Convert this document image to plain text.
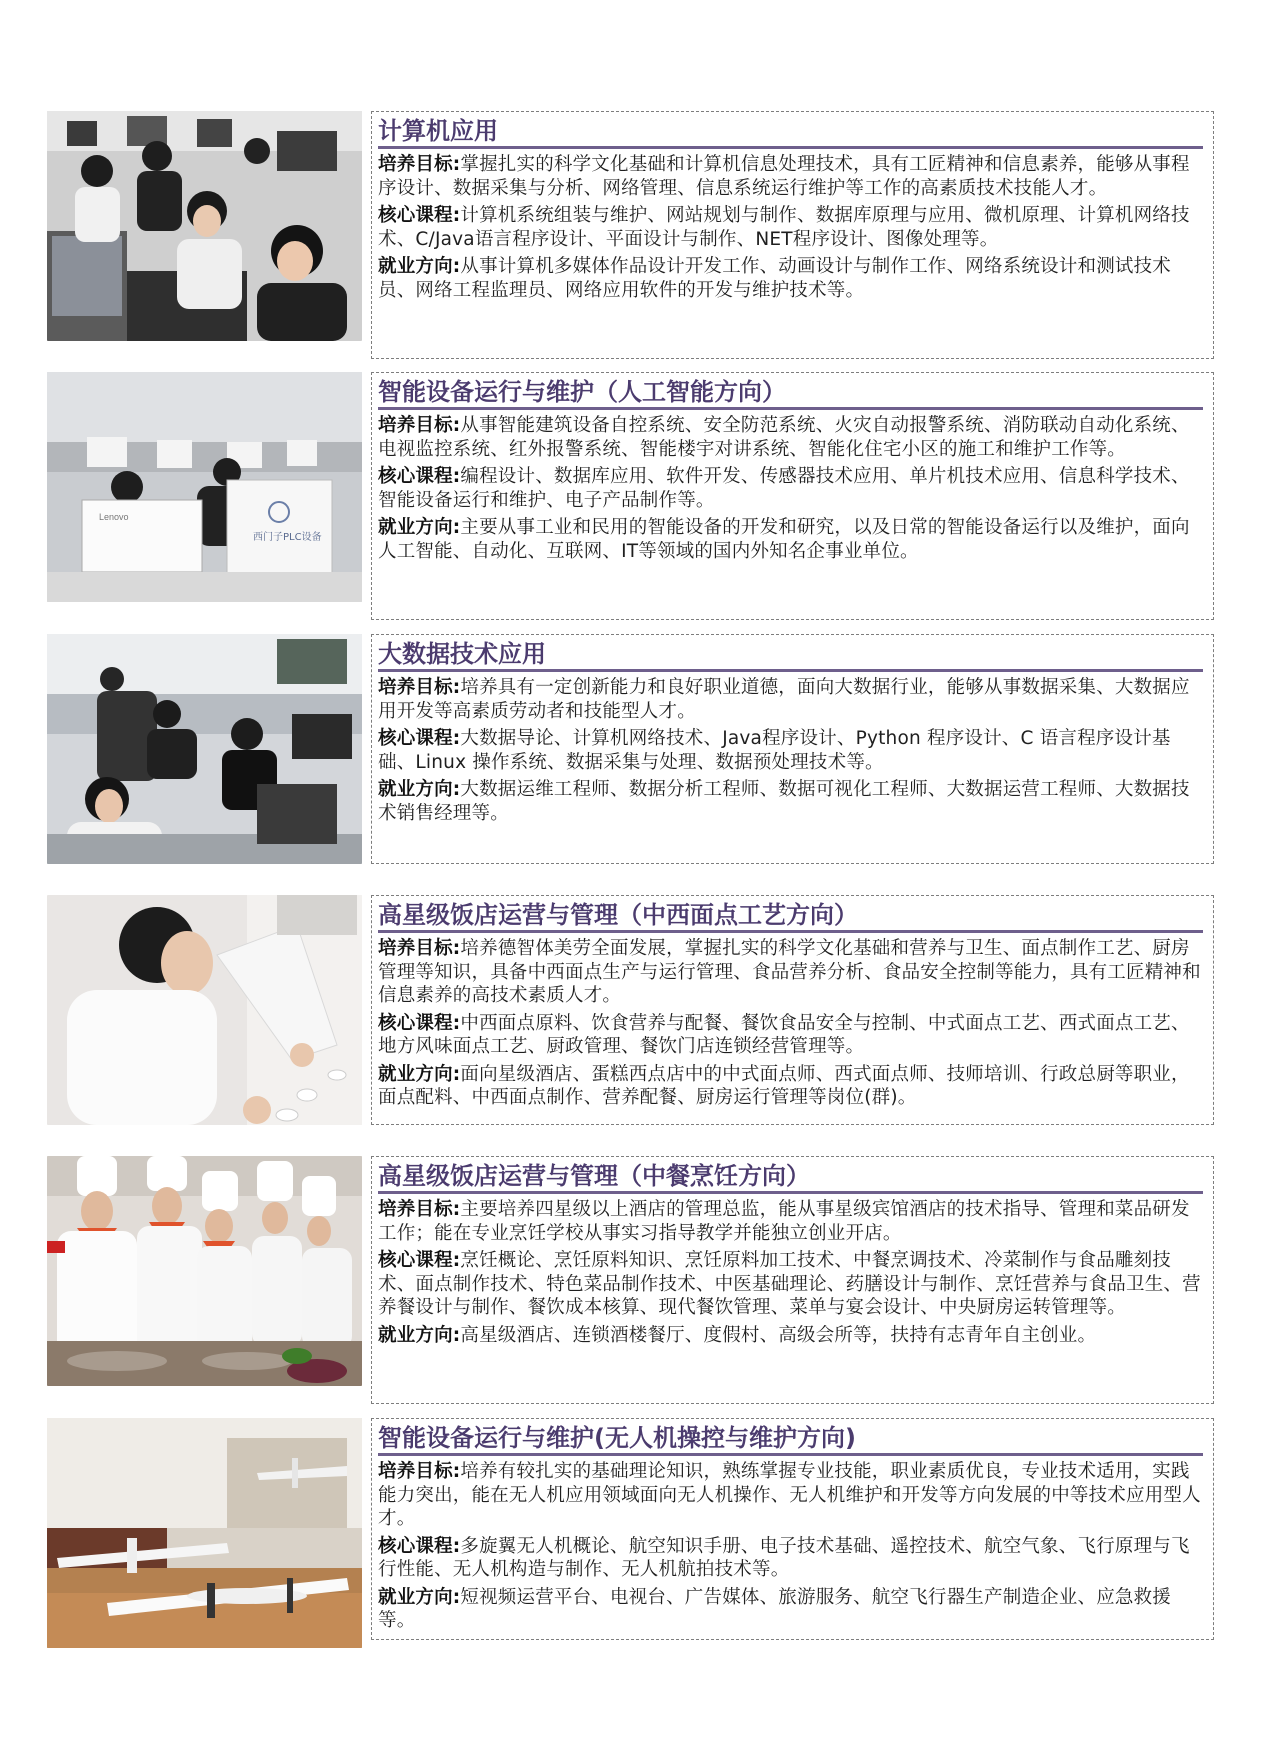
计算机应用

培养目标:掌握扎实的科学文化基础和计算机信息处理技术，具有工匠精神和信息素养，能够从事程序设计、数据采集与分析、网络管理、信息系统运行维护等工作的高素质技术技能人才。

核心课程:计算机系统组装与维护、网站规划与制作、数据库原理与应用、微机原理、计算机网络技术、C/Java语言程序设计、平面设计与制作、NET程序设计、图像处理等。

就业方向:从事计算机多媒体作品设计开发工作、动画设计与制作工作、网络系统设计和测试技术员、网络工程监理员、网络应用软件的开发与维护技术等。

Lenovo
西门子PLC设备
智能设备运行与维护（人工智能方向）

培养目标:从事智能建筑设备自控系统、安全防范系统、火灾自动报警系统、消防联动自动化系统、电视监控系统、红外报警系统、智能楼宇对讲系统、智能化住宅小区的施工和维护工作等。

核心课程:编程设计、数据库应用、软件开发、传感器技术应用、单片机技术应用、信息科学技术、智能设备运行和维护、电子产品制作等。

就业方向:主要从事工业和民用的智能设备的开发和研究，以及日常的智能设备运行以及维护，面向人工智能、自动化、互联网、IT等领域的国内外知名企事业单位。

大数据技术应用

培养目标:培养具有一定创新能力和良好职业道德，面向大数据行业，能够从事数据采集、大数据应用开发等高素质劳动者和技能型人才。

核心课程:大数据导论、计算机网络技术、Java程序设计、Python 程序设计、C 语言程序设计基础、Linux 操作系统、数据采集与处理、数据预处理技术等。

就业方向:大数据运维工程师、数据分析工程师、数据可视化工程师、大数据运营工程师、大数据技术销售经理等。

高星级饭店运营与管理（中西面点工艺方向）

培养目标:培养德智体美劳全面发展，掌握扎实的科学文化基础和营养与卫生、面点制作工艺、厨房管理等知识，具备中西面点生产与运行管理、食品营养分析、食品安全控制等能力，具有工匠精神和信息素养的高技术素质人才。

核心课程:中西面点原料、饮食营养与配餐、餐饮食品安全与控制、中式面点工艺、西式面点工艺、地方风味面点工艺、厨政管理、餐饮门店连锁经营管理等。

就业方向:面向星级酒店、蛋糕西点店中的中式面点师、西式面点师、技师培训、行政总厨等职业，面点配料、中西面点制作、营养配餐、厨房运行管理等岗位(群)。

高星级饭店运营与管理（中餐烹饪方向）

培养目标:主要培养四星级以上酒店的管理总监，能从事星级宾馆酒店的技术指导、管理和菜品研发工作；能在专业烹饪学校从事实习指导教学并能独立创业开店。

核心课程:烹饪概论、烹饪原料知识、烹饪原料加工技术、中餐烹调技术、冷菜制作与食品雕刻技术、面点制作技术、特色菜品制作技术、中医基础理论、药膳设计与制作、烹饪营养与食品卫生、营养餐设计与制作、餐饮成本核算、现代餐饮管理、菜单与宴会设计、中央厨房运转管理等。

就业方向:高星级酒店、连锁酒楼餐厅、度假村、高级会所等，扶持有志青年自主创业。

智能设备运行与维护(无人机操控与维护方向)

培养目标:培养有较扎实的基础理论知识，熟练掌握专业技能，职业素质优良，专业技术适用，实践能力突出，能在无人机应用领域面向无人机操作、无人机维护和开发等方向发展的中等技术应用型人才。

核心课程:多旋翼无人机概论、航空知识手册、电子技术基础、遥控技术、航空气象、飞行原理与飞行性能、无人机构造与制作、无人机航拍技术等。

就业方向:短视频运营平台、电视台、广告媒体、旅游服务、航空飞行器生产制造企业、应急救援等。
